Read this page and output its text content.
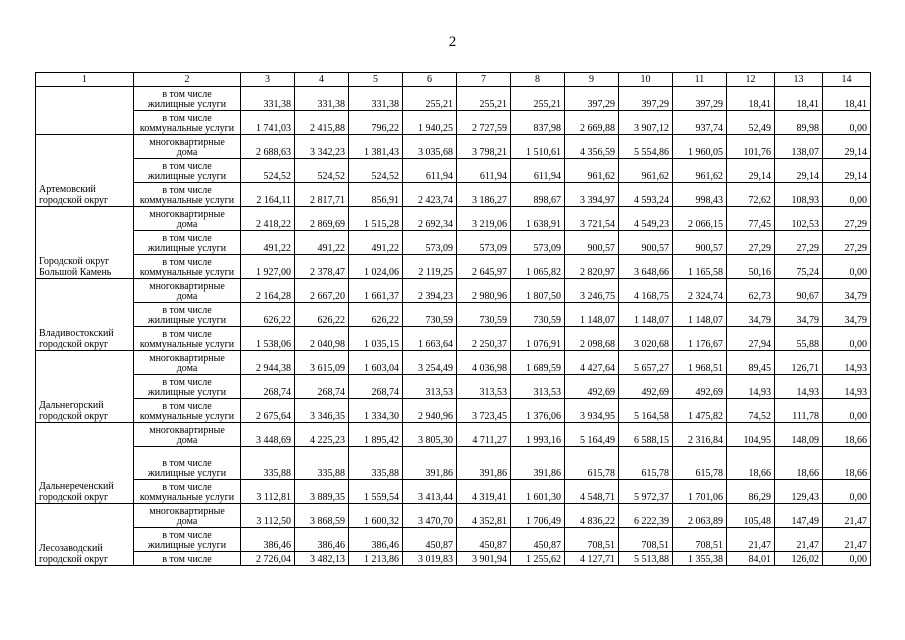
2
1	2	3	4	5	6	7	8	9	10	11	12	13	14
	в том числе
жилищные услуги	331,38	331,38	331,38	255,21	255,21	255,21	397,29	397,29	397,29	18,41	18,41	18,41
	в том числе
коммунальные услуги	1 741,03	2 415,88	796,22	1 940,25	2 727,59	837,98	2 669,88	3 907,12	937,74	52,49	89,98	0,00
Артемовский
городской округ	многоквартирные
дома	2 688,63	3 342,23	1 381,43	3 035,68	3 798,21	1 510,61	4 356,59	5 554,86	1 960,05	101,76	138,07	29,14
	в том числе
жилищные услуги	524,52	524,52	524,52	611,94	611,94	611,94	961,62	961,62	961,62	29,14	29,14	29,14
	в том числе
коммунальные услуги	2 164,11	2 817,71	856,91	2 423,74	3 186,27	898,67	3 394,97	4 593,24	998,43	72,62	108,93	0,00
Городской округ
Большой Камень	многоквартирные
дома	2 418,22	2 869,69	1 515,28	2 692,34	3 219,06	1 638,91	3 721,54	4 549,23	2 066,15	77,45	102,53	27,29
	в том числе
жилищные услуги	491,22	491,22	491,22	573,09	573,09	573,09	900,57	900,57	900,57	27,29	27,29	27,29
	в том числе
коммунальные услуги	1 927,00	2 378,47	1 024,06	2 119,25	2 645,97	1 065,82	2 820,97	3 648,66	1 165,58	50,16	75,24	0,00
Владивостокский
городской округ	многоквартирные
дома	2 164,28	2 667,20	1 661,37	2 394,23	2 980,96	1 807,50	3 246,75	4 168,75	2 324,74	62,73	90,67	34,79
	в том числе
жилищные услуги	626,22	626,22	626,22	730,59	730,59	730,59	1 148,07	1 148,07	1 148,07	34,79	34,79	34,79
	в том числе
коммунальные услуги	1 538,06	2 040,98	1 035,15	1 663,64	2 250,37	1 076,91	2 098,68	3 020,68	1 176,67	27,94	55,88	0,00
Дальнегорский
городской округ	многоквартирные
дома	2 944,38	3 615,09	1 603,04	3 254,49	4 036,98	1 689,59	4 427,64	5 657,27	1 968,51	89,45	126,71	14,93
	в том числе
жилищные услуги	268,74	268,74	268,74	313,53	313,53	313,53	492,69	492,69	492,69	14,93	14,93	14,93
	в том числе
коммунальные услуги	2 675,64	3 346,35	1 334,30	2 940,96	3 723,45	1 376,06	3 934,95	5 164,58	1 475,82	74,52	111,78	0,00
Дальнереченский
городской округ	многоквартирные
дома	3 448,69	4 225,23	1 895,42	3 805,30	4 711,27	1 993,16	5 164,49	6 588,15	2 316,84	104,95	148,09	18,66
	в том числе
жилищные услуги	335,88	335,88	335,88	391,86	391,86	391,86	615,78	615,78	615,78	18,66	18,66	18,66
	в том числе
коммунальные услуги	3 112,81	3 889,35	1 559,54	3 413,44	4 319,41	1 601,30	4 548,71	5 972,37	1 701,06	86,29	129,43	0,00
Лесозаводский
городской округ	многоквартирные
дома	3 112,50	3 868,59	1 600,32	3 470,70	4 352,81	1 706,49	4 836,22	6 222,39	2 063,89	105,48	147,49	21,47
	в том числе
жилищные услуги	386,46	386,46	386,46	450,87	450,87	450,87	708,51	708,51	708,51	21,47	21,47	21,47
	в том числе	2 726,04	3 482,13	1 213,86	3 019,83	3 901,94	1 255,62	4 127,71	5 513,88	1 355,38	84,01	126,02	0,00
